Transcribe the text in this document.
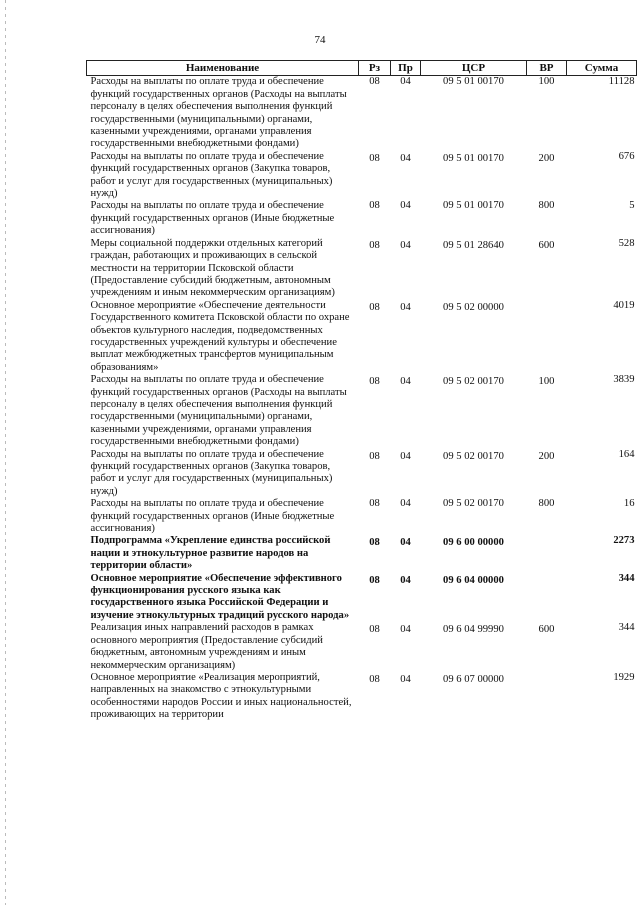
74
Наименование	Рз	Пр	ЦСР	ВР	Сумма
Расходы на выплаты по оплате труда и обеспечение функций государственных органов (Расходы на выплаты персоналу в целях обеспечения выполнения функций государственными (муниципальными) органами, казенными учреждениями, органами управления государственными внебюджетными фондами)	08	04	09 5 01 00170	100	11128
Расходы на выплаты по оплате труда и обеспечение функций государственных органов (Закупка товаров, работ и услуг для государственных (муниципальных) нужд)	08	04	09 5 01 00170	200	676
Расходы на выплаты по оплате труда и обеспечение функций государственных органов (Иные бюджетные ассигнования)	08	04	09 5 01 00170	800	5
Меры социальной поддержки отдельных категорий граждан, работающих и проживающих в сельской местности на территории Псковской области (Предоставление субсидий бюджетным, автономным учреждениям и иным некоммерческим организациям)	08	04	09 5 01 28640	600	528
Основное мероприятие «Обеспечение деятельности Государственного комитета Псковской области по охране объектов культурного наследия, подведомственных государственных учреждений культуры и обеспечение выплат межбюджетных трансфертов муниципальным образованиям»	08	04	09 5 02 00000		4019
Расходы на выплаты по оплате труда и обеспечение функций государственных органов (Расходы на выплаты персоналу в целях обеспечения выполнения функций государственными (муниципальными) органами, казенными учреждениями, органами управления государственными внебюджетными фондами)	08	04	09 5 02 00170	100	3839
Расходы на выплаты по оплате труда и обеспечение функций государственных органов (Закупка товаров, работ и услуг для государственных (муниципальных) нужд)	08	04	09 5 02 00170	200	164
Расходы на выплаты по оплате труда и обеспечение функций государственных органов (Иные бюджетные ассигнования)	08	04	09 5 02 00170	800	16
Подпрограмма «Укрепление единства российской нации и этнокультурное развитие народов на территории области»	08	04	09 6 00 00000		2273
Основное мероприятие «Обеспечение эффективного функционирования русского языка как государственного языка Российской Федерации и изучение этнокультурных традиций русского народа»	08	04	09 6 04 00000		344
Реализация иных направлений расходов в рамках основного мероприятия (Предоставление субсидий бюджетным, автономным учреждениям и иным некоммерческим организациям)	08	04	09 6 04 99990	600	344
Основное мероприятие «Реализация мероприятий, направленных на знакомство с этнокультурными особенностями народов России и иных национальностей, проживающих на территории	08	04	09 6 07 00000		1929
